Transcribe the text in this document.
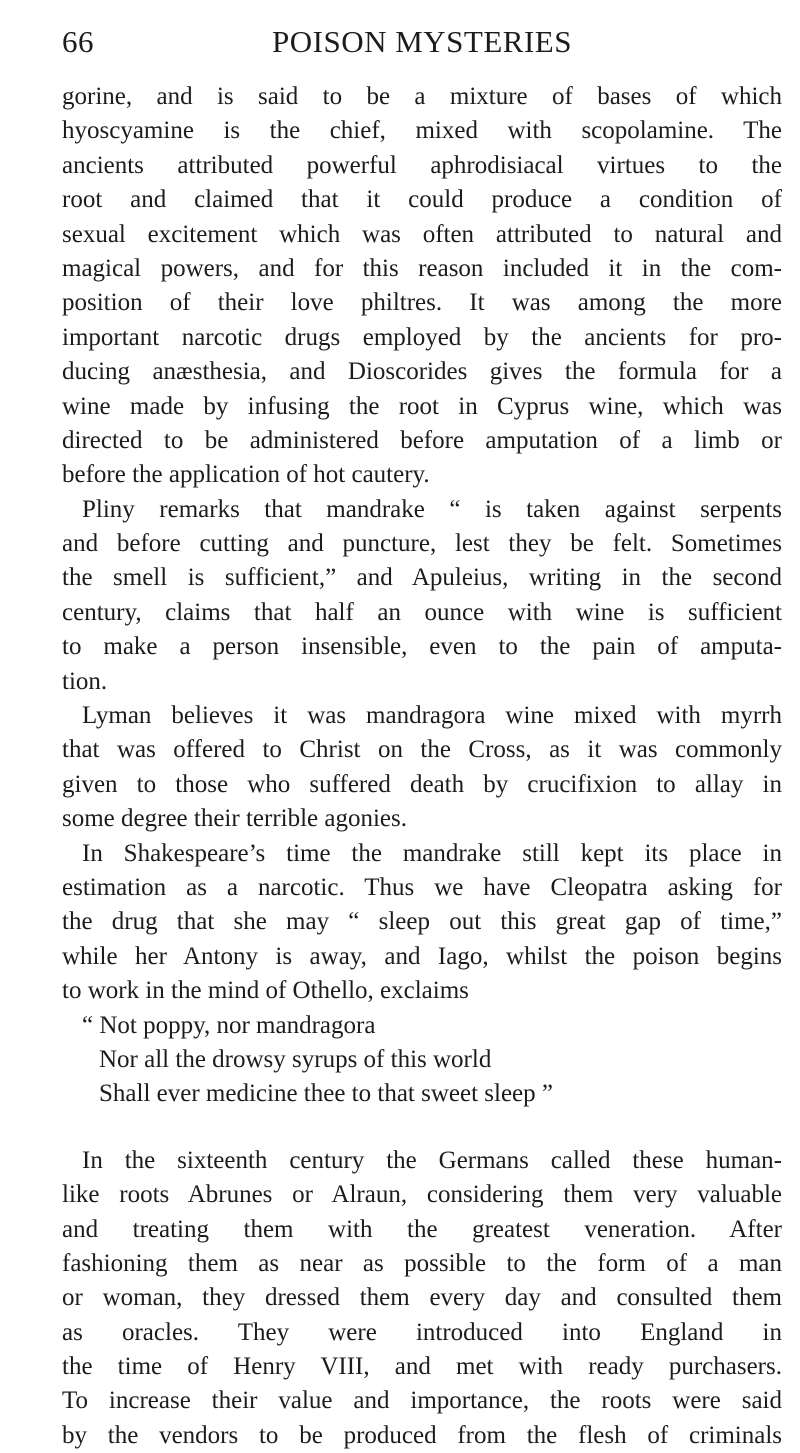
66	POISON MYSTERIES
gorine, and is said to be a mixture of bases of which
hyoscyamine is the chief, mixed with scopolamine. The
ancients attributed powerful aphrodisiacal virtues to the
root and claimed that it could produce a condition of
sexual excitement which was often attributed to natural and
magical powers, and for this reason included it in the com-
position of their love philtres. It was among the more
important narcotic drugs employed by the ancients for pro-
ducing anæsthesia, and Dioscorides gives the formula for a
wine made by infusing the root in Cyprus wine, which was
directed to be administered before amputation of a limb or
before the application of hot cautery.
Pliny remarks that mandrake “ is taken against serpents
and before cutting and puncture, lest they be felt. Sometimes
the smell is sufficient,” and Apuleius, writing in the second
century, claims that half an ounce with wine is sufficient
to make a person insensible, even to the pain of amputa-
tion.
Lyman believes it was mandragora wine mixed with myrrh
that was offered to Christ on the Cross, as it was commonly
given to those who suffered death by crucifixion to allay in
some degree their terrible agonies.
In Shakespeare’s time the mandrake still kept its place in
estimation as a narcotic. Thus we have Cleopatra asking for
the drug that she may “ sleep out this great gap of time,”
while her Antony is away, and Iago, whilst the poison begins
to work in the mind of Othello, exclaims
“ Not poppy, nor mandragora
Nor all the drowsy syrups of this world
Shall ever medicine thee to that sweet sleep ”
In the sixteenth century the Germans called these human-
like roots Abrunes or Alraun, considering them very valuable
and treating them with the greatest veneration. After
fashioning them as near as possible to the form of a man
or woman, they dressed them every day and consulted them
as oracles. They were introduced into England in
the time of Henry VIII, and met with ready purchasers.
To increase their value and importance, the roots were said
by the vendors to be produced from the flesh of criminals
